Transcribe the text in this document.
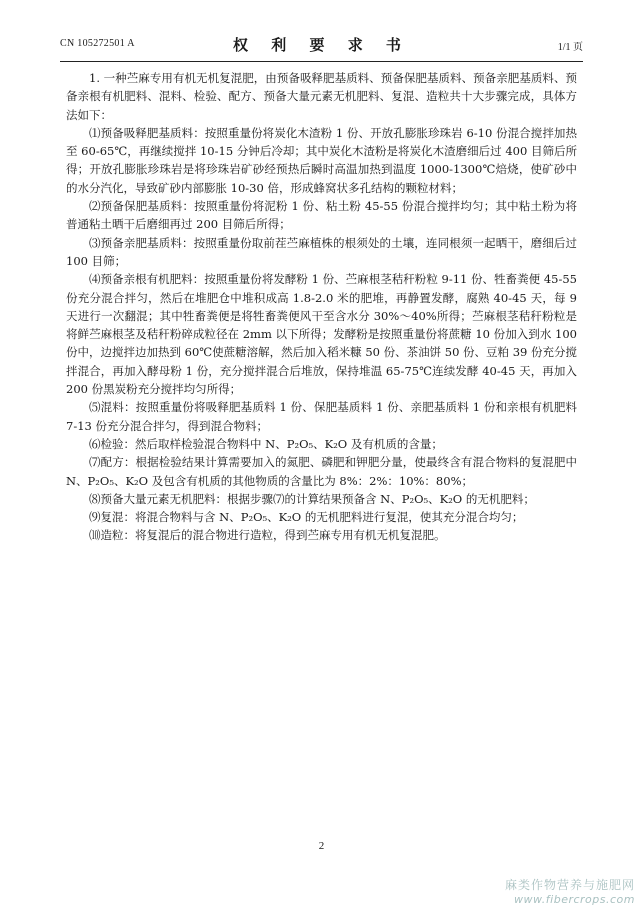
CN 105272501 A	权 利 要 求 书	1/1 页

1. 一种苎麻专用有机无机复混肥，由预备吸释肥基质料、预备保肥基质料、预备亲肥基质料、预备亲根有机肥料、混料、检验、配方、预备大量元素无机肥料、复混、造粒共十大步骤完成，具体方法如下：

⑴预备吸释肥基质料：按照重量份将炭化木渣粉 1 份、开放孔膨胀珍珠岩 6-10 份混合搅拌加热至 60-65℃，再继续搅拌 10-15 分钟后冷却；其中炭化木渣粉是将炭化木渣磨细后过 400 目筛后所得；开放孔膨胀珍珠岩是将珍珠岩矿砂经预热后瞬时高温加热到温度 1000-1300℃焙烧，使矿砂中的水分汽化，导致矿砂内部膨胀 10-30 倍，形成蜂窝状多孔结构的颗粒材料；

⑵预备保肥基质料：按照重量份将泥粉 1 份、粘土粉 45-55 份混合搅拌均匀；其中粘土粉为将普通粘土晒干后磨细再过 200 目筛后所得；

⑶预备亲肥基质料：按照重量份取前茬苎麻植株的根须处的土壤，连同根须一起晒干，磨细后过 100 目筛；

⑷预备亲根有机肥料：按照重量份将发酵粉 1 份、苎麻根茎秸秆粉粒 9-11 份、牲畜粪便 45-55 份充分混合拌匀，然后在堆肥仓中堆积成高 1.8-2.0 米的肥堆，再静置发酵，腐熟 40-45 天，每 9 天进行一次翻混；其中牲畜粪便是将牲畜粪便风干至含水分 30%～40%所得；苎麻根茎秸秆粉粒是将鲜苎麻根茎及秸秆粉碎成粒径在 2mm 以下所得；发酵粉是按照重量份将蔗糖 10 份加入到水 100 份中，边搅拌边加热到 60℃使蔗糖溶解，然后加入稻米糠 50 份、茶油饼 50 份、豆粕 39 份充分搅拌混合，再加入酵母粉 1 份，充分搅拌混合后堆放，保持堆温 65-75℃连续发酵 40-45 天，再加入 200 份黑炭粉充分搅拌均匀所得；

⑸混料：按照重量份将吸释肥基质料 1 份、保肥基质料 1 份、亲肥基质料 1 份和亲根有机肥料 7-13 份充分混合拌匀，得到混合物料；

⑹检验：然后取样检验混合物料中 N、P₂O₅、K₂O 及有机质的含量；

⑺配方：根据检验结果计算需要加入的氮肥、磷肥和钾肥分量，使最终含有混合物料的复混肥中 N、P₂O₅、K₂O 及包含有机质的其他物质的含量比为 8%：2%：10%：80%；

⑻预备大量元素无机肥料：根据步骤⑺的计算结果预备含 N、P₂O₅、K₂O 的无机肥料；

⑼复混：将混合物料与含 N、P₂O₅、K₂O 的无机肥料进行复混，使其充分混合均匀；

⑽造粒：将复混后的混合物进行造粒，得到苎麻专用有机无机复混肥。

2
麻类作物营养与施肥网
www.fibercrops.com
